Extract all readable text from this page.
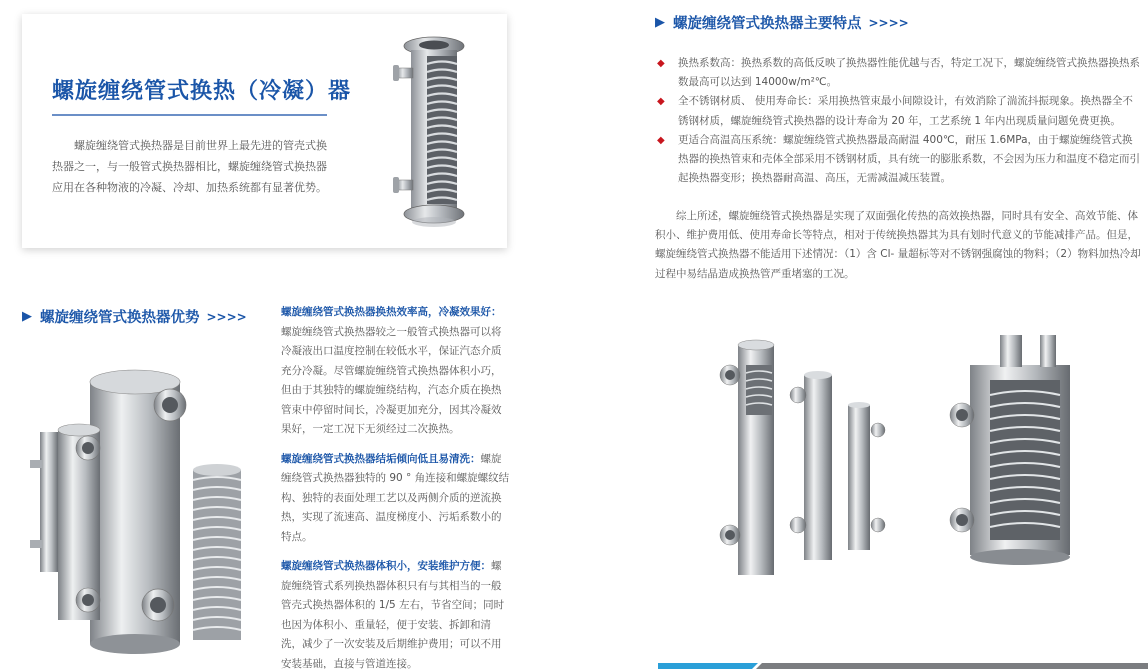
螺旋缠绕管式换热（冷凝）器

螺旋缠绕管式换热器是目前世界上最先进的管壳式换热器之一，与一般管式换热器相比，螺旋缠绕管式换热器应用在各种物液的冷凝、冷却、加热系统都有显著优势。

▶ 螺旋缠绕管式换热器优势 >>>>	螺旋缠绕管式换热器换热效率高，冷凝效果好：螺旋缠绕管式换热器较之一般管式换热器可以将冷凝液出口温度控制在较低水平，保证汽态介质充分冷凝。尽管螺旋缠绕管式换热器体积小巧，但由于其独特的螺旋缠绕结构，汽态介质在换热管束中停留时间长，冷凝更加充分，因其冷凝效果好，一定工况下无须经过二次换热。

螺旋缠绕管式换热器结垢倾向低且易清洗：螺旋缠绕管式换热器独特的 90 ° 角连接和螺旋螺纹结构、独特的表面处理工艺以及两侧介质的逆流换热，实现了流速高、温度梯度小、污垢系数小的特点。

螺旋缠绕管式换热器体积小，安装维护方便：螺旋缠绕管式系列换热器体积只有与其相当的一般管壳式换热器体积的 1/5 左右，节省空间；同时也因为体积小、重量轻，便于安装、拆卸和清洗，减少了一次安装及后期维护费用；可以不用安装基础，直接与管道连接。

▶ 螺旋缠绕管式换热器主要特点 >>>>
◆ 换热系数高：换热系数的高低反映了换热器性能优越与否，特定工况下，螺旋缠绕管式换热器换热系数最高可以达到 14000w/m²℃。
◆ 全不锈钢材质、 使用寿命长：采用换热管束最小间隙设计，有效消除了湍流抖振现象。换热器全不锈钢材质，螺旋缠绕管式换热器的设计寿命为 20 年，工艺系统 1 年内出现质量问题免费更换。
◆ 更适合高温高压系统：螺旋缠绕管式换热器最高耐温 400℃，耐压 1.6MPa，由于螺旋缠绕管式换热器的换热管束和壳体全部采用不锈钢材质，具有统一的膨胀系数，不会因为压力和温度不稳定而引起换热器变形；换热器耐高温、高压，无需减温减压装置。

综上所述，螺旋缠绕管式换热器是实现了双面强化传热的高效换热器，同时具有安全、高效节能、体积小、维护费用低、使用寿命长等特点，相对于传统换热器其为具有划时代意义的节能减排产品。但是，螺旋缠绕管式换热器不能适用下述情况：（1）含 Cl- 量超标等对不锈钢强腐蚀的物料；（2）物料加热冷却过程中易结晶造成换热管严重堵塞的工况。
